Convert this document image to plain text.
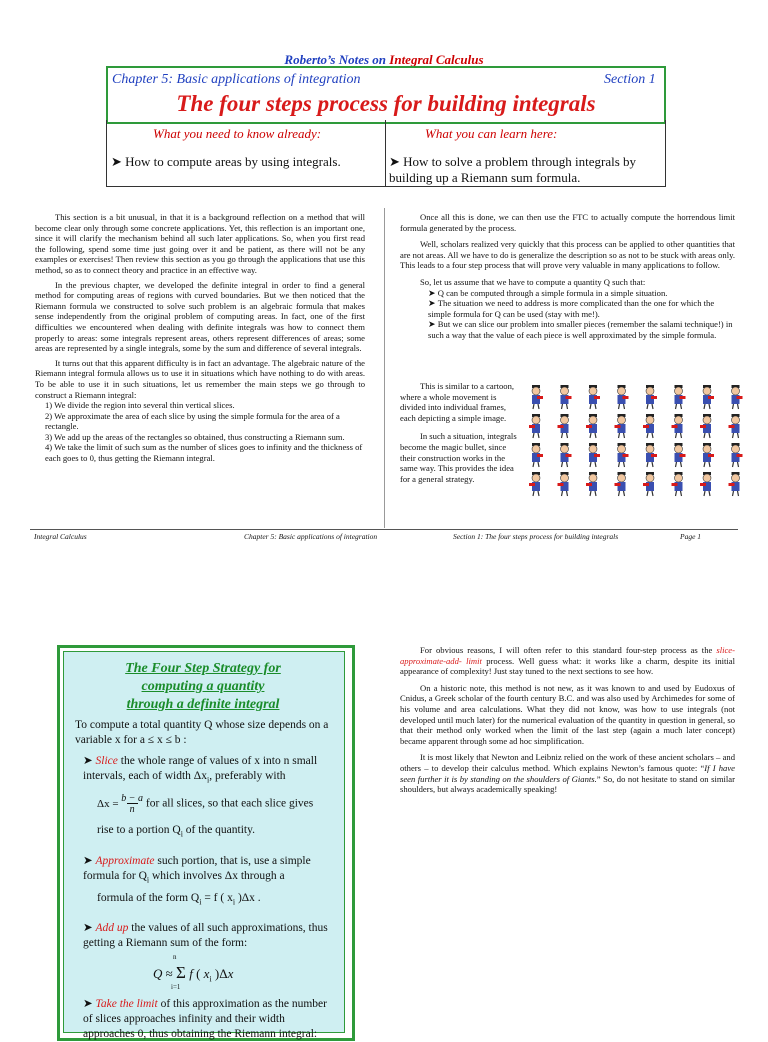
Roberto’s Notes on Integral Calculus
Chapter 5: Basic applications of integration	Section 1
The four steps process for building integrals
What you need to know already:	What you can learn here:
➤ How to compute areas by using integrals.	➤ How to solve a problem through integrals by building up a Riemann sum formula.
This section is a bit unusual, in that it is a background reflection on a method that will become clear only through some concrete applications. Yet, this reflection is an important one, since it will clarify the mechanism behind all such later applications. So, when you first read the following, spend some time just going over it and be patient, as there will not be any examples or exercises! Then review this section as you go through the applications that use this method, so as to connect theory and practice in an effective way.
In the previous chapter, we developed the definite integral in order to find a general method for computing areas of regions with curved boundaries. But we then noticed that the Riemann formula we constructed to solve such problem is an algebraic formula that makes sense independently from the original problem of computing areas. In fact, one of the first difficulties we encountered when dealing with definite integrals was how to connect them properly to areas: some integrals represent areas, others represent differences of areas; some areas are represented by a single integrals, some by the sum and difference of several integrals.
It turns out that this apparent difficulty is in fact an advantage. The algebraic nature of the Riemann integral formula allows us to use it in situations which have nothing to do with areas. To be able to use it in such situations, let us remember the main steps we go through to construct a Riemann integral:
1) We divide the region into several thin vertical slices.
2) We approximate the area of each slice by using the simple formula for the area of a rectangle.
3) We add up the areas of the rectangles so obtained, thus constructing a Riemann sum.
4) We take the limit of such sum as the number of slices goes to infinity and the thickness of each goes to 0, thus getting the Riemann integral.
Once all this is done, we can then use the FTC to actually compute the horrendous limit formula generated by the process.
Well, scholars realized very quickly that this process can be applied to other quantities that are not areas. All we have to do is generalize the description so as not to be stuck with areas only. This leads to a four step process that will prove very valuable in many applications to follow.
So, let us assume that we have to compute a quantity Q such that:
➤ Q can be computed through a simple formula in a simple situation.
➤ The situation we need to address is more complicated than the one for which the simple formula for Q can be used (stay with me!).
➤ But we can slice our problem into smaller pieces (remember the salami technique!) in such a way that the value of each piece is well approximated by the simple formula.
This is similar to a cartoon, where a whole movement is divided into individual frames, each depicting a simple image.
In such a situation, integrals become the magic bullet, since their construction works in the same way. This provides the idea for a general strategy.
Integral Calculus	Chapter 5: Basic applications of integration	Section 1: The four steps process for building integrals	Page 1
The Four Step Strategy for
computing a quantity
through a definite integral
To compute a total quantity Q whose size depends on a variable x for a ≤ x ≤ b :
➤ Slice the whole range of values of x into n small intervals, each of width $\Delta x_i$, preferably with
$\Delta x = \frac{b - a}{n}$ for all slices, so that each slice gives
rise to a portion $Q_i$ of the quantity.
➤ Approximate such portion, that is, use a simple formula for $Q_i$ which involves Δx through a
formula of the form $Q_i = f$ ( $x_i$ )Δx .
➤ Add up the values of all such approximations, thus getting a Riemann sum of the form:
n
Q ≈ Σ f ( $x_i$ )Δx
i=1
➤ Take the limit of this approximation as the number of slices approaches infinity and their width approaches 0, thus obtaining the Riemann integral:
For obvious reasons, I will often refer to this standard four-step process as the slice-approximate-add- limit process. Well guess what: it works like a charm, despite its initial appearance of complexity! Just stay tuned to the next sections to see how.
On a historic note, this method is not new, as it was known to and used by Eudoxus of Cnidus, a Greek scholar of the fourth century B.C. and was also used by Archimedes for some of his volume and area calculations. What they did not know, was how to use integrals (not developed until much later) for the numerical evaluation of the quantity in question in general, so that their method only worked when the limit of the last step (again a much later concept) became apparent through some ad hoc simplification.
It is most likely that Newton and Leibniz relied on the work of these ancient scholars – and others – to develop their calculus method. Which explains Newton’s famous quote: “If I have seen further it is by standing on the shoulders of Giants.” So, do not hesitate to stand on similar shoulders, but always academically speaking!
